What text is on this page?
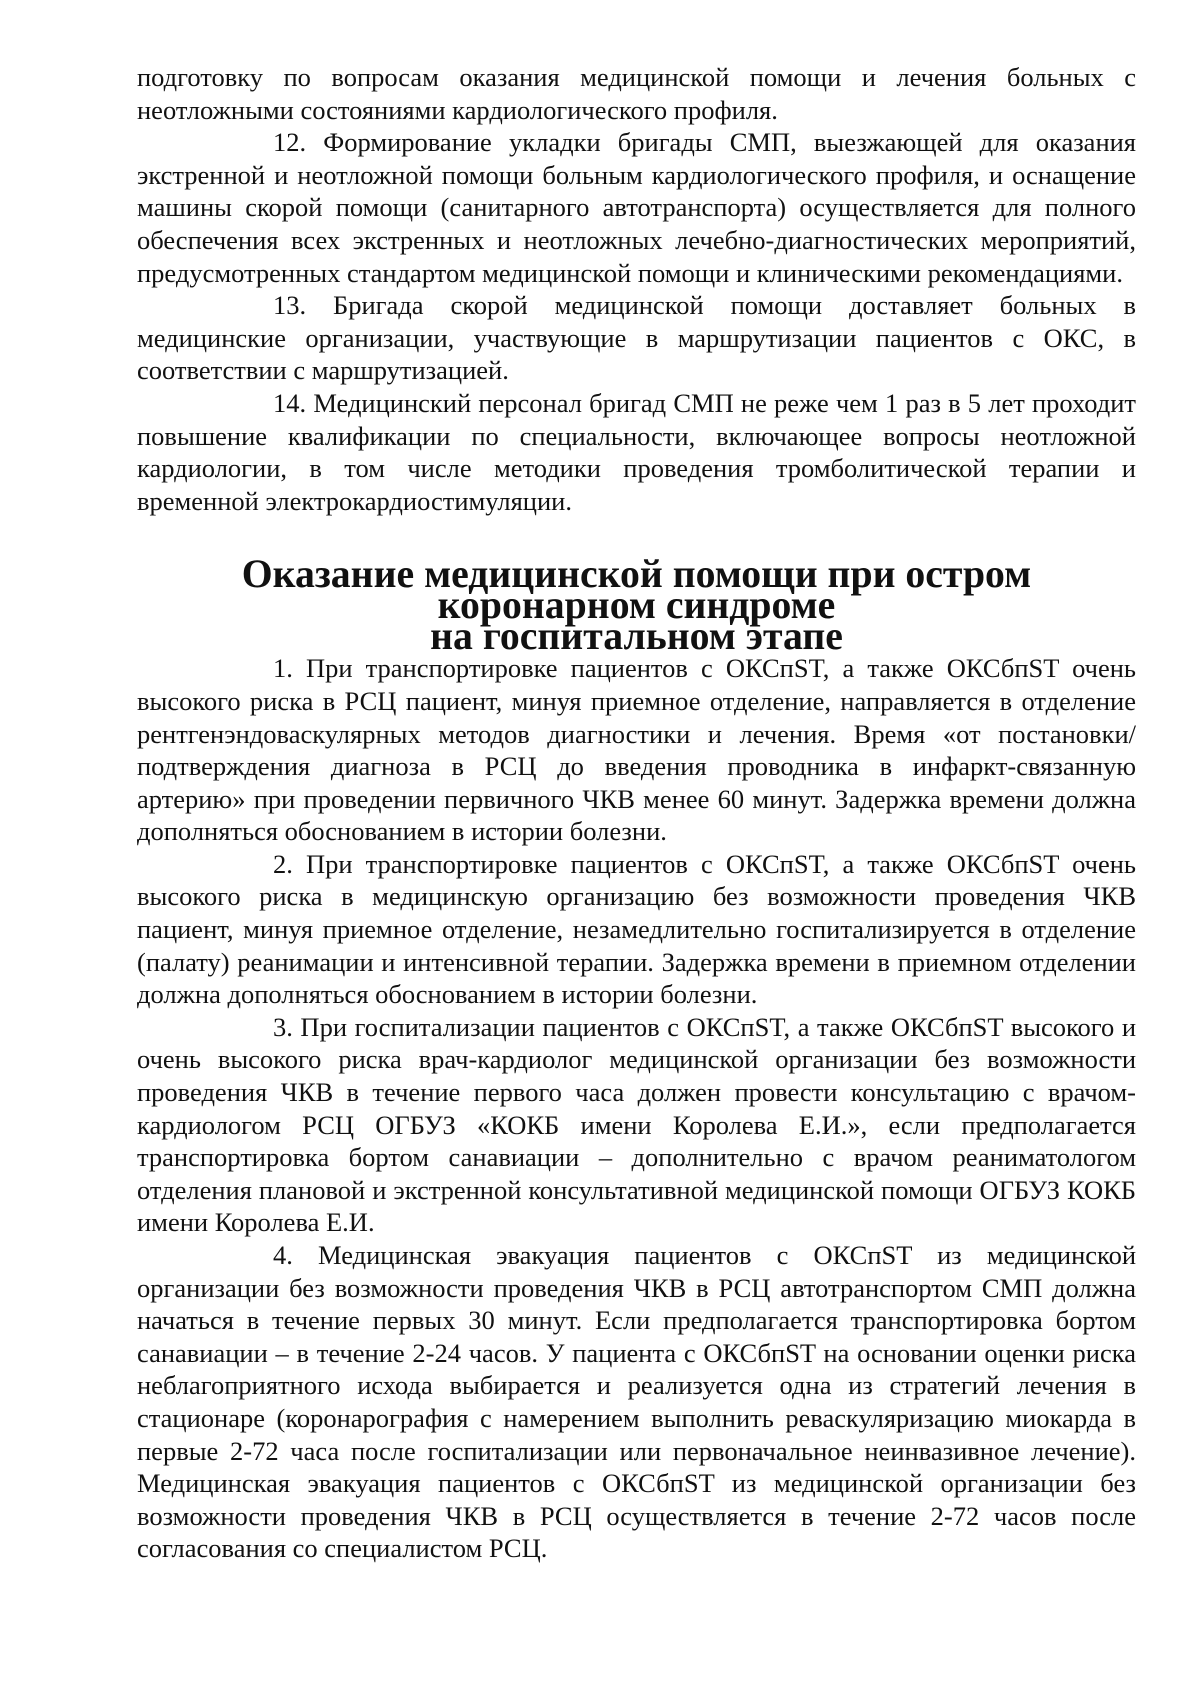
подготовку по вопросам оказания медицинской помощи и лечения больных с неотложными состояниями кардиологического профиля.

12. Формирование укладки бригады СМП, выезжающей для оказания экстренной и неотложной помощи больным кардиологического профиля, и оснащение машины скорой помощи (санитарного автотранспорта) осуществляется для полного обеспечения всех экстренных и неотложных лечебно-диагностических мероприятий, предусмотренных стандартом медицинской помощи и клиническими рекомендациями.

13. Бригада скорой медицинской помощи доставляет больных в медицинские организации, участвующие в маршрутизации пациентов с ОКС, в соответствии с маршрутизацией.

14. Медицинский персонал бригад СМП не реже чем 1 раз в 5 лет проходит повышение квалификации по специальности, включающее вопросы неотложной кардиологии, в том числе методики проведения тромболитической терапии и временной электрокардиостимуляции.

Оказание медицинской помощи при остром коронарном синдроме
на госпитальном этапе

1. При транспортировке пациентов с ОКСпST, а также ОКСбпST очень высокого риска в РСЦ пациент, минуя приемное отделение, направляется в отделение рентгенэндоваскулярных методов диагностики и лечения. Время «от постановки/подтверждения диагноза в РСЦ до введения проводника в инфаркт-связанную артерию» при проведении первичного ЧКВ менее 60 минут. Задержка времени должна дополняться обоснованием в истории болезни.

2. При транспортировке пациентов с ОКСпST, а также ОКСбпST очень высокого риска в медицинскую организацию без возможности проведения ЧКВ пациент, минуя приемное отделение, незамедлительно госпитализируется в отделение (палату) реанимации и интенсивной терапии. Задержка времени в приемном отделении должна дополняться обоснованием в истории болезни.

3. При госпитализации пациентов с ОКСпST, а также ОКСбпST высокого и очень высокого риска врач-кардиолог медицинской организации без возможности проведения ЧКВ в течение первого часа должен провести консультацию с врачом-кардиологом РСЦ ОГБУЗ «КОКБ имени Королева Е.И.», если предполагается транспортировка бортом санавиации – дополнительно с врачом реаниматологом отделения плановой и экстренной консультативной медицинской помощи ОГБУЗ КОКБ имени Королева Е.И.

4. Медицинская эвакуация пациентов с ОКСпST из медицинской организации без возможности проведения ЧКВ в РСЦ автотранспортом СМП должна начаться в течение первых 30 минут. Если предполагается транспортировка бортом санавиации – в течение 2-24 часов. У пациента с ОКСбпST на основании оценки риска неблагоприятного исхода выбирается и реализуется одна из стратегий лечения в стационаре (коронарография с намерением выполнить реваскуляризацию миокарда в первые 2-72 часа после госпитализации или первоначальное неинвазивное лечение). Медицинская эвакуация пациентов с ОКСбпST из медицинской организации без возможности проведения ЧКВ в РСЦ осуществляется в течение 2-72 часов после согласования со специалистом РСЦ.
